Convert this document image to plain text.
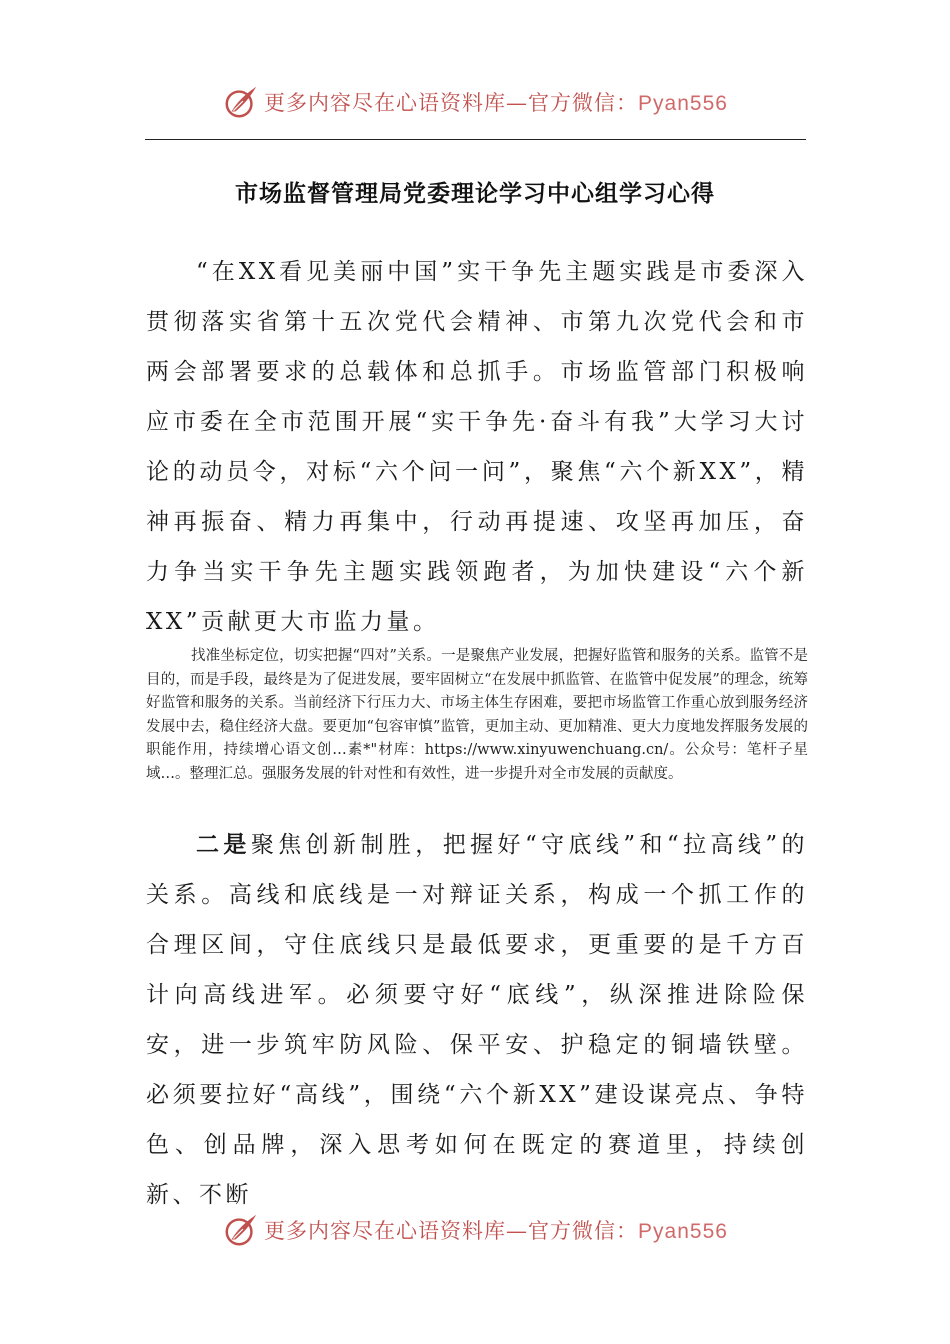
更多内容尽在心语资料库—官方微信：Pyan556
市场监督管理局党委理论学习中心组学习心得

“在XX看见美丽中国”实干争先主题实践是市委深入贯彻落实省第十五次党代会精神、市第九次党代会和市两会部署要求的总载体和总抓手。市场监管部门积极响应市委在全市范围开展“实干争先·奋斗有我”大学习大讨论的动员令，对标“六个问一问”，聚焦“六个新XX”，精神再振奋、精力再集中，行动再提速、攻坚再加压，奋力争当实干争先主题实践领跑者，为加快建设“六个新XX”贡献更大市监力量。

找准坐标定位，切实把握“四对”关系。一是聚焦产业发展，把握好监管和服务的关系。监管不是目的，而是手段，最终是为了促进发展，要牢固树立“在发展中抓监管、在监管中促发展”的理念，统筹好监管和服务的关系。当前经济下行压力大、市场主体生存困难，要把市场监管工作重心放到服务经济发展中去，稳住经济大盘。要更加“包容审慎”监管，更加主动、更加精准、更大力度地发挥服务发展的职能作用，持续增心语文创…素*"材库：https://www.xinyuwenchuang.cn/。公众号：笔杆子星域…。整理汇总。强服务发展的针对性和有效性，进一步提升对全市发展的贡献度。

二是聚焦创新制胜，把握好“守底线”和“拉高线”的关系。高线和底线是一对辩证关系，构成一个抓工作的合理区间，守住底线只是最低要求，更重要的是千方百计向高线进军。必须要守好“底线”，纵深推进除险保安，进一步筑牢防风险、保平安、护稳定的铜墙铁壁。必须要拉好“高线”，围绕“六个新XX”建设谋亮点、争特色、创品牌，深入思考如何在既定的赛道里，持续创新、不断

更多内容尽在心语资料库—官方微信：Pyan556
